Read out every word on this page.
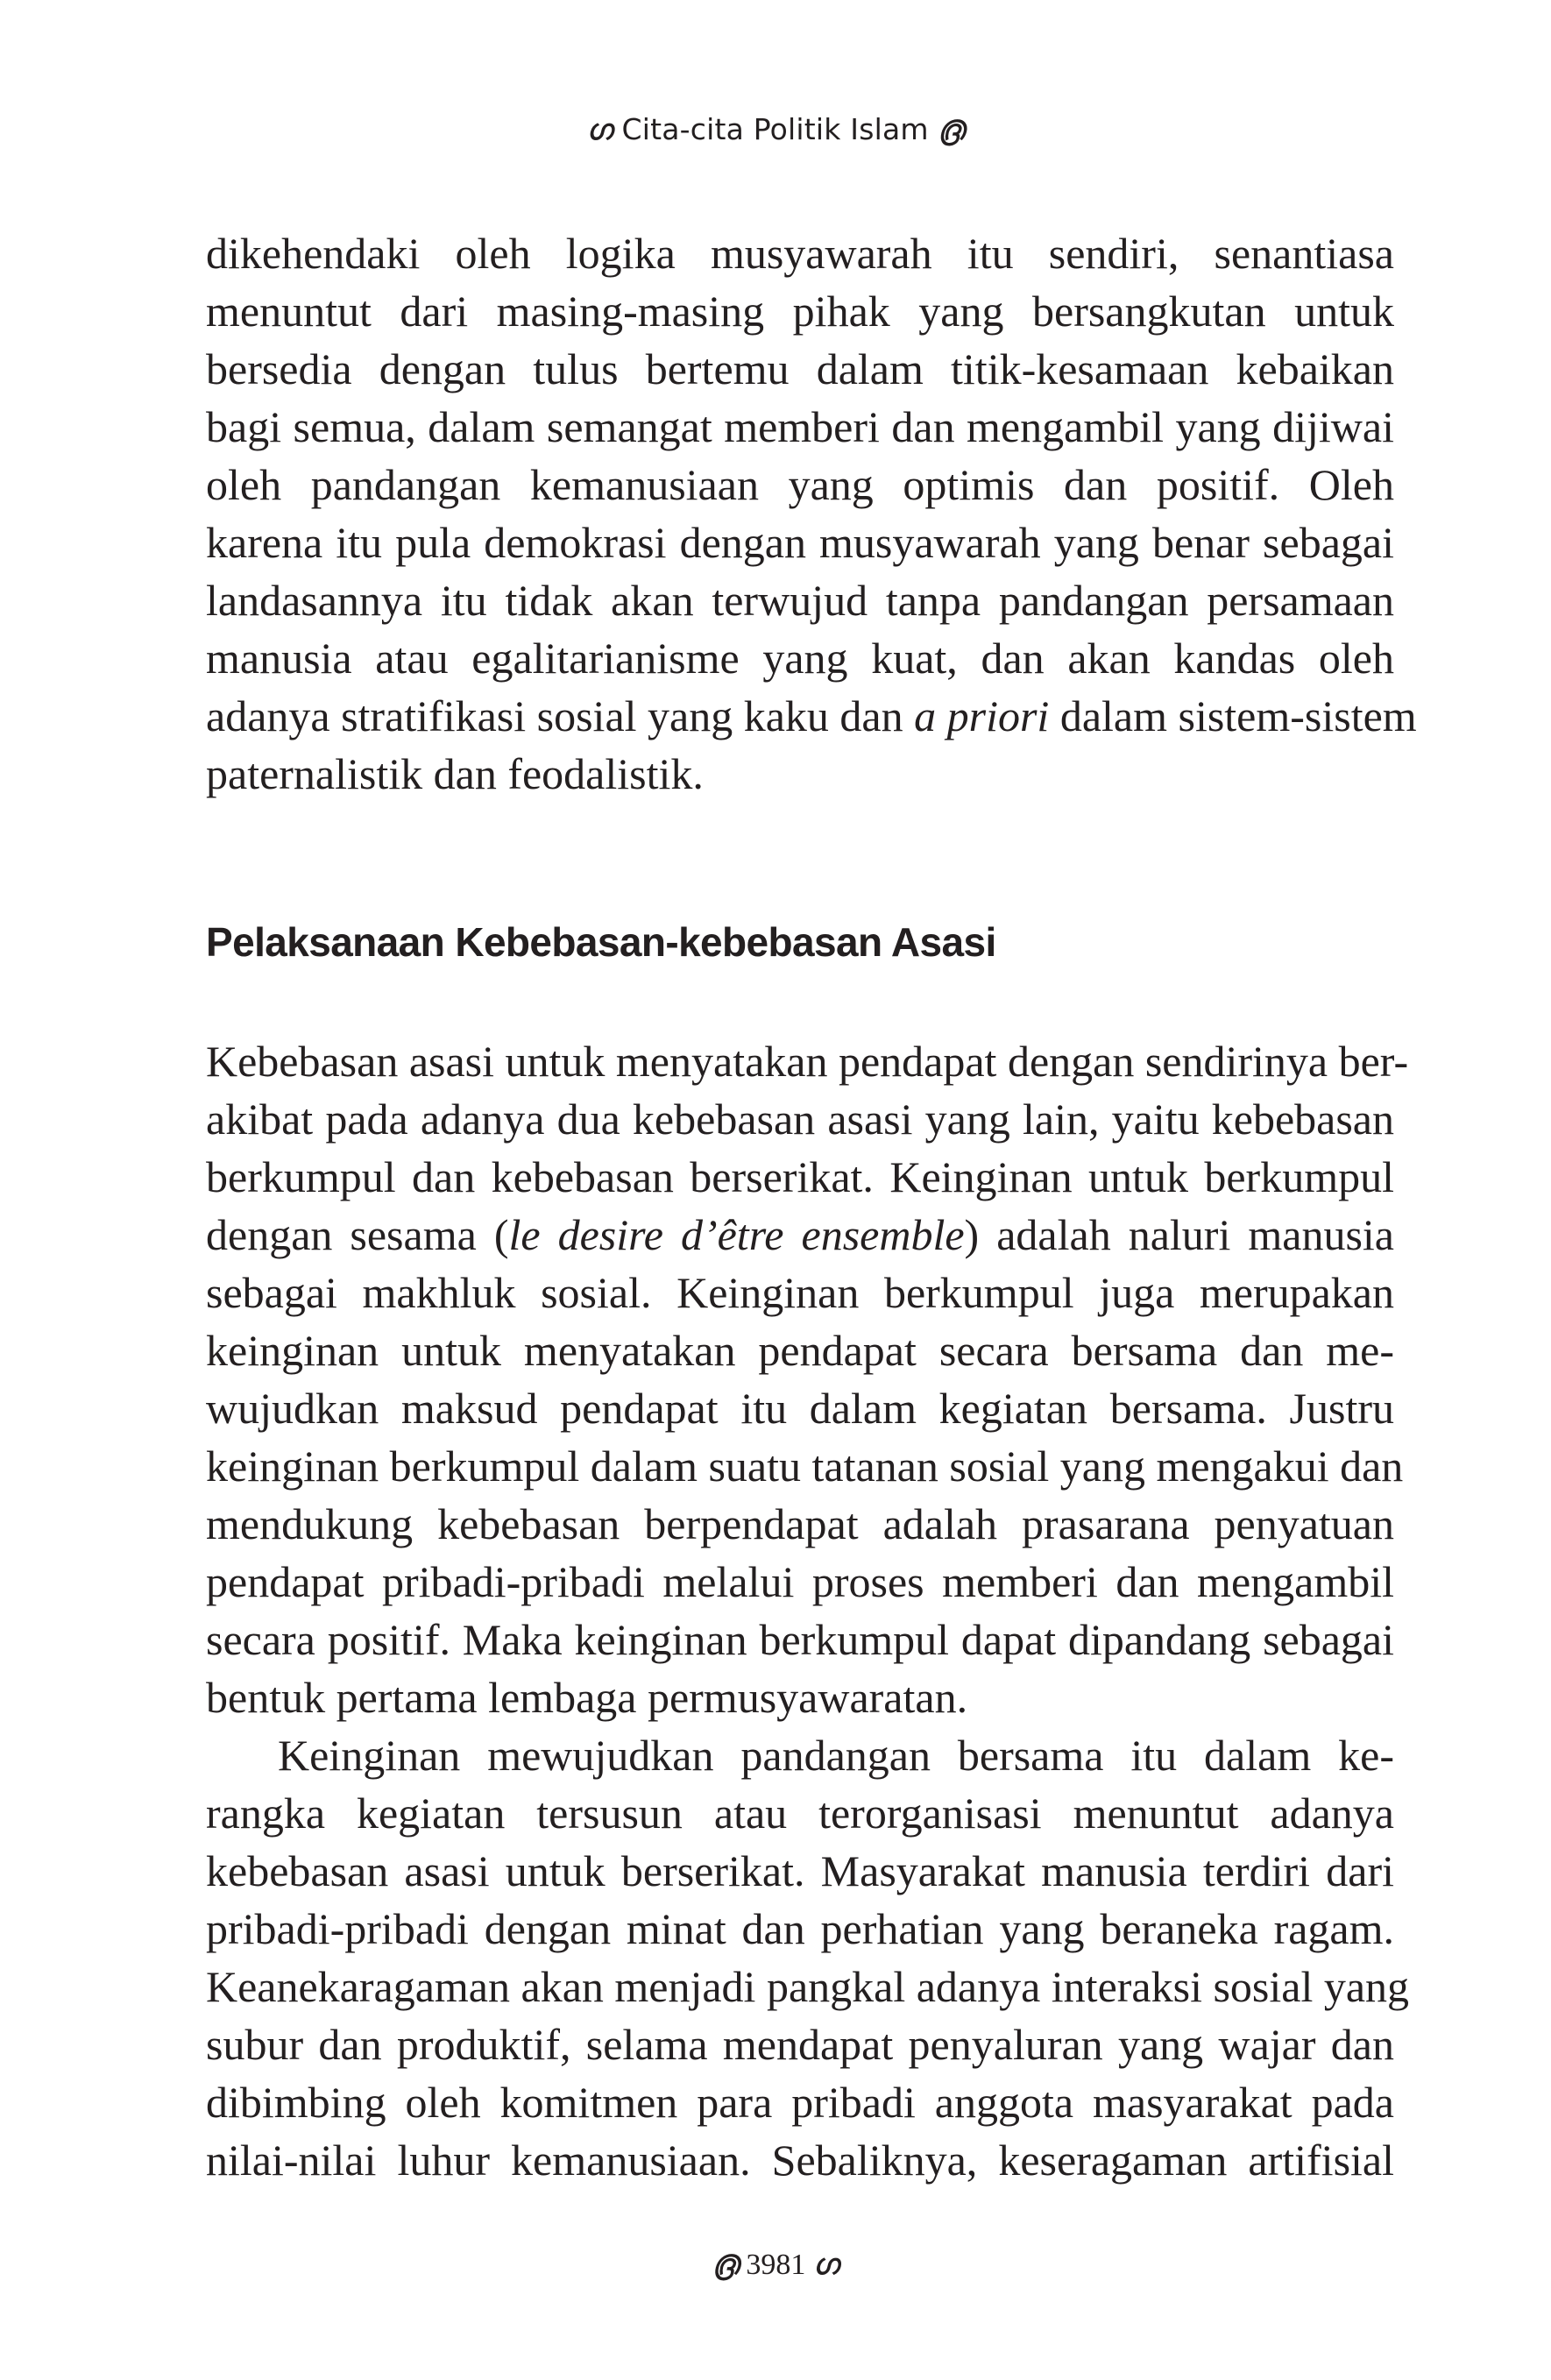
ഗ Cita-cita Politik Islam ൫

dikehendaki oleh logika musyawarah itu sendiri, senantiasa
menuntut dari masing-masing pihak yang bersangkutan untuk
bersedia dengan tulus bertemu dalam titik-kesamaan kebaikan
bagi semua, dalam semangat memberi dan mengambil yang dijiwai
oleh pandangan kemanusiaan yang optimis dan positif. Oleh
karena itu pula demokrasi dengan musyawarah yang benar sebagai
landasannya itu tidak akan terwujud tanpa pandangan persamaan
manusia atau egalitarianisme yang kuat, dan akan kandas oleh
adanya stratifikasi sosial yang kaku dan a priori dalam sistem-sistem
paternalistik dan feodalistik.

Pelaksanaan Kebebasan-kebebasan Asasi

Kebebasan asasi untuk menyatakan pendapat dengan sendirinya ber-
akibat pada adanya dua kebebasan asasi yang lain, yaitu kebebasan
berkumpul dan kebebasan berserikat. Keinginan untuk berkumpul
dengan sesama (le desire d’être ensemble) adalah naluri manusia
sebagai makhluk sosial. Keinginan berkumpul juga merupakan
keinginan untuk menyatakan pendapat secara bersama dan me-
wujudkan maksud pendapat itu dalam kegiatan bersama. Justru
keinginan berkumpul dalam suatu tatanan sosial yang mengakui dan
mendukung kebebasan berpendapat adalah prasarana penyatuan
pendapat pribadi-pribadi melalui proses memberi dan mengambil
secara positif. Maka keinginan berkumpul dapat dipandang sebagai
bentuk pertama lembaga permusyawaratan.

Keinginan mewujudkan pandangan bersama itu dalam ke-
rangka kegiatan tersusun atau terorganisasi menuntut adanya
kebebasan asasi untuk berserikat. Masyarakat manusia terdiri dari
pribadi-pribadi dengan minat dan perhatian yang beraneka ragam.
Keanekaragaman akan menjadi pangkal adanya interaksi sosial yang
subur dan produktif, selama mendapat penyaluran yang wajar dan
dibimbing oleh komitmen para pribadi anggota masyarakat pada
nilai-nilai luhur kemanusiaan. Sebaliknya, keseragaman artifisial

൫ 3981 ഗ
